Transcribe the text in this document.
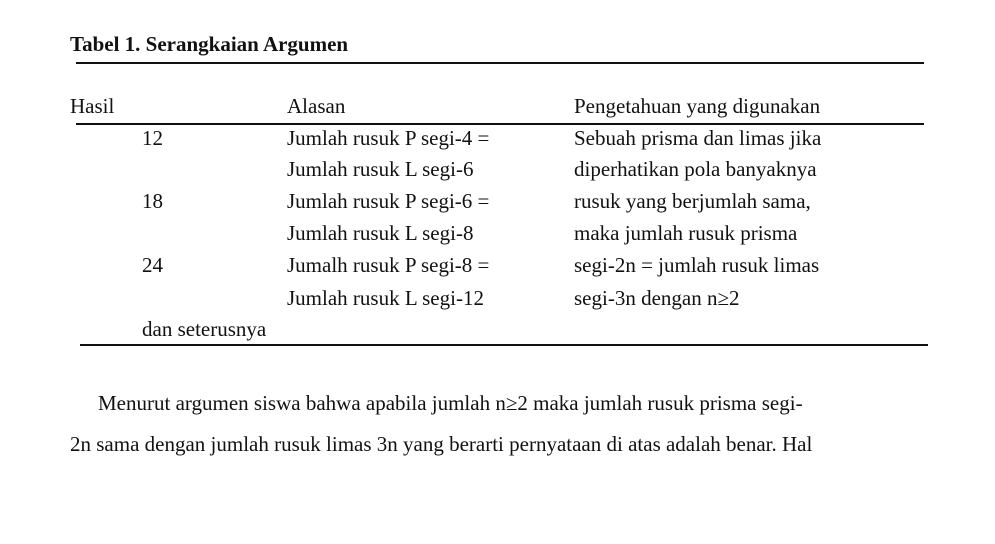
Tabel 1. Serangkaian Argumen
Hasil	Alasan	Pengetahuan yang digunakan
12
18
24
dan seterusnya
Jumlah rusuk P segi-4 =
Jumlah rusuk L segi-6
Jumlah rusuk P segi-6 =
Jumlah rusuk L segi-8
Jumalh rusuk P segi-8 =
Jumlah rusuk L segi-12
Sebuah prisma dan limas jika
diperhatikan pola banyaknya
rusuk yang berjumlah sama,
maka jumlah rusuk prisma
segi-2n = jumlah rusuk limas
segi-3n dengan n≥2
Menurut argumen siswa bahwa apabila jumlah n≥2 maka jumlah rusuk prisma segi-
2n sama dengan jumlah rusuk limas 3n yang berarti pernyataan di atas adalah benar. Hal
